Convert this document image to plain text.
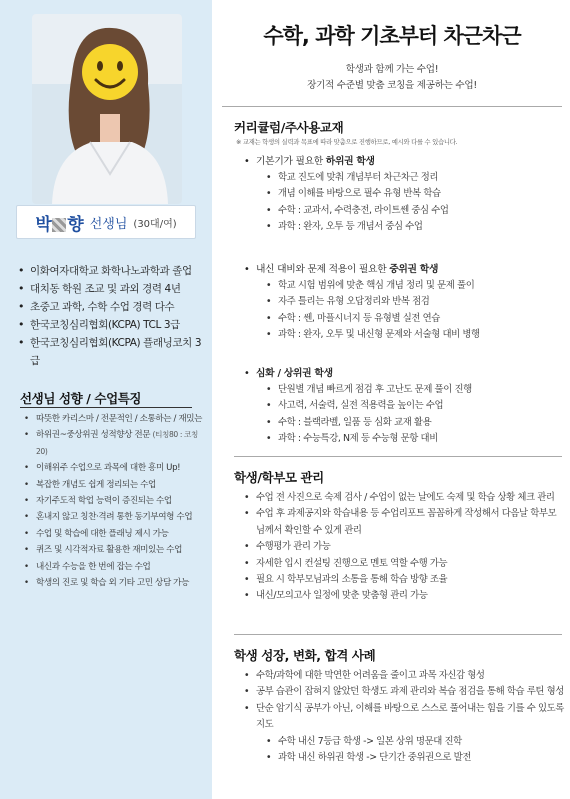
박 향 선생님 (30대/여)
• 이화여자대학교 화학나노과학과 졸업
• 대치동 학원 조교 및 과외 경력 4년
• 초중고 과학, 수학 수업 경력 다수
• 한국코칭심리협회(KCPA) TCL 3급
• 한국코칭심리협회(KCPA) 플래닝코치 3급
선생님 성향 / 수업특징
• 따뜻한 카리스마 / 전문적인 / 소통하는 / 재밌는
• 하위권~중상위권 성적향상 전문 (티칭80 : 코칭 20)
• 이해위주 수업으로 과목에 대한 흥미 Up!
• 복잡한 개념도 쉽게 정리되는 수업
• 자기주도적 학업 능력이 증진되는 수업
• 혼내지 않고 칭찬·격려 통한 동기부여형 수업
• 수업 및 학습에 대한 플래닝 제시 가능
• 퀴즈 및 시각적자료 활용한 재미있는 수업
• 내신과 수능을 한 번에 잡는 수업
• 학생의 진로 및 학습 외 기타 고민 상담 가능
수학, 과학 기초부터 차근차근
학생과 함께 가는 수업!
장기적 수준별 맞춤 코칭을 제공하는 수업!
커리큘럼/주사용교재
※ 교재는 학생의 실력과 목표에 따라 맞춤으로 진행하므로, 예시와 다를 수 있습니다.
• 기본기가 필요한 하위권 학생
• 학교 진도에 맞춰 개념부터 차근차근 정리
• 개념 이해를 바탕으로 필수 유형 반복 학습
• 수학 : 교과서, 수력충전, 라이트쎈 중심 수업
• 과학 : 완자, 오투 등 개념서 중심 수업
• 내신 대비와 문제 적용이 필요한 중위권 학생
• 학교 시험 범위에 맞춘 핵심 개념 정리 및 문제 풀이
• 자주 틀리는 유형 오답정리와 반복 점검
• 수학 : 쎈, 마플시너지 등 유형별 실전 연습
• 과학 : 완자, 오투 및 내신형 문제와 서술형 대비 병행
• 심화 / 상위권 학생
• 단원별 개념 빠르게 점검 후 고난도 문제 풀이 진행
• 사고력, 서술력, 실전 적용력을 높이는 수업
• 수학 : 블랙라벨, 일품 등 심화 교재 활용
• 과학 : 수능특강, N제 등 수능형 문항 대비
학생/학부모 관리
• 수업 전 사진으로 숙제 검사 / 수업이 없는 날에도 숙제 및 학습 상황 체크 관리
• 수업 후 과제공지와 학습내용 등 수업리포트 꼼꼼하게 작성해서 다음날 학부모님께서 확인할 수 있게 관리
• 수행평가 관리 가능
• 자세한 입시 컨설팅 진행으로 멘토 역할 수행 가능
• 필요 시 학부모님과의 소통을 통해 학습 방향 조율
• 내신/모의고사 일정에 맞춘 맞춤형 관리 가능
학생 성장, 변화, 합격 사례
• 수학/과학에 대한 막연한 어려움을 줄이고 과목 자신감 형성
• 공부 습관이 잡혀지 않았던 학생도 과제 관리와 복습 점검을 통해 학습 루틴 형성
• 단순 암기식 공부가 아닌, 이해를 바탕으로 스스로 풀어내는 힘을 기를 수 있도록 지도
• 수학 내신 7등급 학생 -> 일본 상위 명문대 진학
• 과학 내신 하위권 학생 -> 단기간 중위권으로 발전
